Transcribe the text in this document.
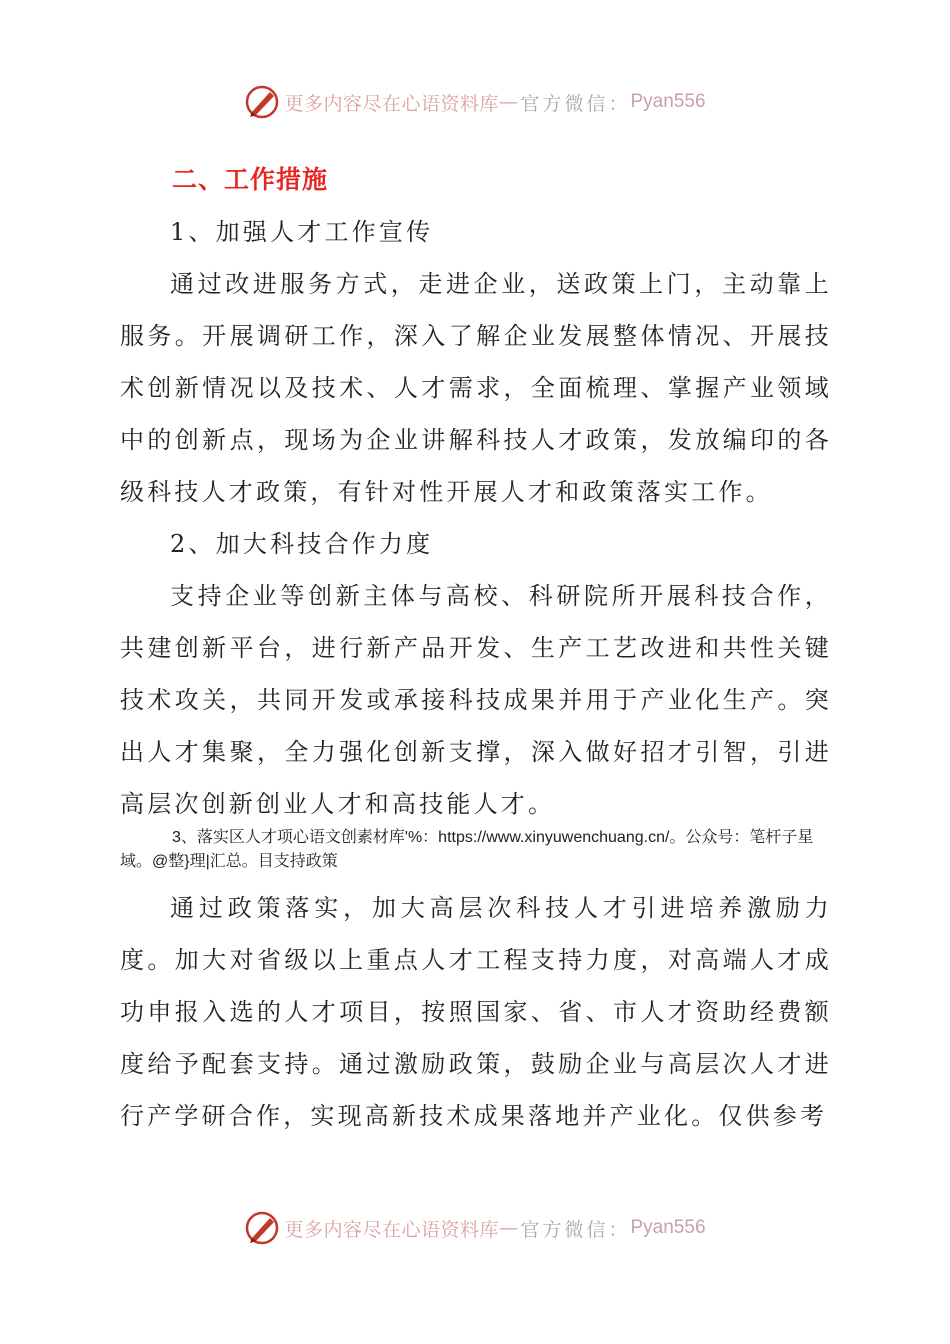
更多内容尽在心语资料库 — 官方微信： Pyan556
二、工作措施

1、加强人才工作宣传

通过改进服务方式，走进企业，送政策上门，主动靠上服务。开展调研工作，深入了解企业发展整体情况、开展技术创新情况以及技术、人才需求，全面梳理、掌握产业领域中的创新点，现场为企业讲解科技人才政策，发放编印的各级科技人才政策，有针对性开展人才和政策落实工作。

2、加大科技合作力度

支持企业等创新主体与高校、科研院所开展科技合作，共建创新平台，进行新产品开发、生产工艺改进和共性关键技术攻关，共同开发或承接科技成果并用于产业化生产。突出人才集聚，全力强化创新支撑，深入做好招才引智，引进高层次创新创业人才和高技能人才。

3、落实区人才项心语文创素材库'%：https://www.xinyuwenchuang.cn/。公众号：笔杆子星域。@整}理|汇总。目支持政策

通过政策落实，加大高层次科技人才引进培养激励力度。加大对省级以上重点人才工程支持力度，对高端人才成功申报入选的人才项目，按照国家、省、市人才资助经费额度给予配套支持。通过激励政策，鼓励企业与高层次人才进行产学研合作，实现高新技术成果落地并产业化。仅供参考

更多内容尽在心语资料库 — 官方微信： Pyan556
